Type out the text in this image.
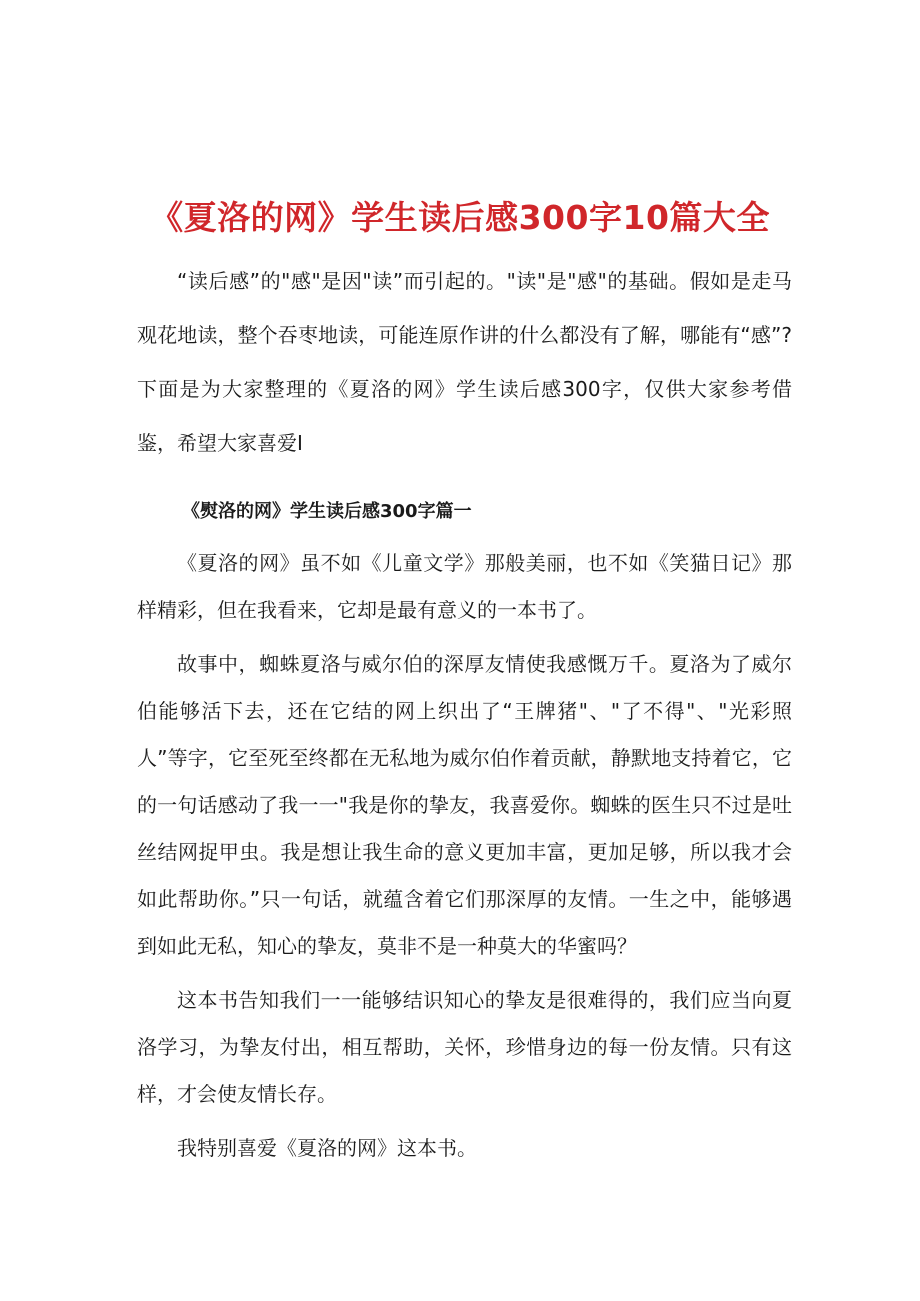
《夏洛的网》学生读后感300字10篇大全

“读后感”的"感"是因"读”而引起的。"读"是"感"的基础。假如是走马观花地读，整个吞枣地读，可能连原作讲的什么都没有了解，哪能有“感”?下面是为大家整理的《夏洛的网》学生读后感300字，仅供大家参考借鉴，希望大家喜爱I

《熨洛的网》学生读后感300字篇一

《夏洛的网》虽不如《儿童文学》那般美丽，也不如《笑猫日记》那样精彩，但在我看来，它却是最有意义的一本书了。

故事中，蜘蛛夏洛与威尔伯的深厚友情使我感慨万千。夏洛为了威尔伯能够活下去，还在它结的网上织出了“王牌猪"、"了不得"、"光彩照人”等字，它至死至终都在无私地为威尔伯作着贡献，静默地支持着它，它的一句话感动了我一一"我是你的挚友，我喜爱你。蜘蛛的医生只不过是吐丝结网捉甲虫。我是想让我生命的意义更加丰富，更加足够，所以我才会如此帮助你。”只一句话，就蕴含着它们那深厚的友情。一生之中，能够遇到如此无私，知心的挚友，莫非不是一种莫大的华蜜吗？

这本书告知我们一一能够结识知心的挚友是很难得的，我们应当向夏洛学习，为挚友付出，相互帮助，关怀，珍惜身边的每一份友情。只有这样，才会使友情长存。

我特别喜爱《夏洛的网》这本书。
